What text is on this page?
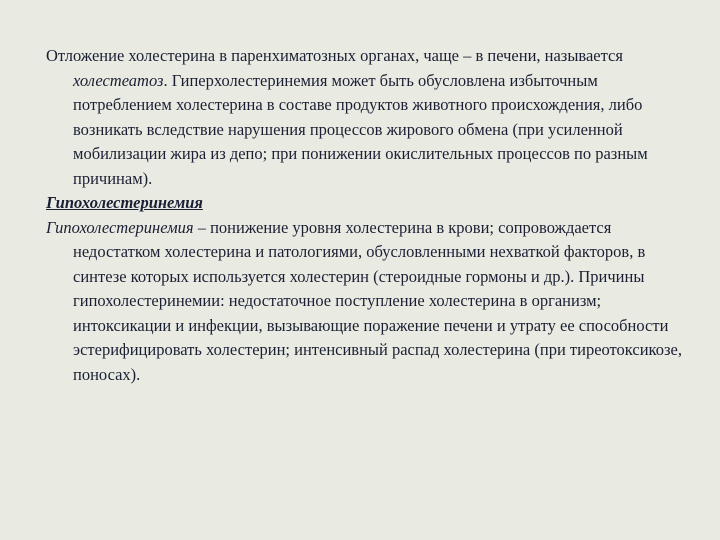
Отложение холестерина в паренхиматозных органах, чаще – в печени, называется холестеатоз. Гиперхолестеринемия может быть обусловлена избыточным потреблением холестерина в составе продуктов животного происхождения, либо возникать вследствие нарушения процессов жирового обмена (при усиленной мобилизации жира из депо; при понижении окислительных процессов по разным причинам).

Гипохолестеринемия

Гипохолестеринемия – понижение уровня холестерина в крови; сопровождается недостатком холестерина и патологиями, обусловленными нехваткой факторов, в синтезе которых используется холестерин (стероидные гормоны и др.). Причины гипохолестеринемии: недостаточное поступление холестерина в организм; интоксикации и инфекции, вызывающие поражение печени и утрату ее способности эстерифицировать холестерин; интенсивный распад холестерина (при тиреотоксикозе, поносах).
